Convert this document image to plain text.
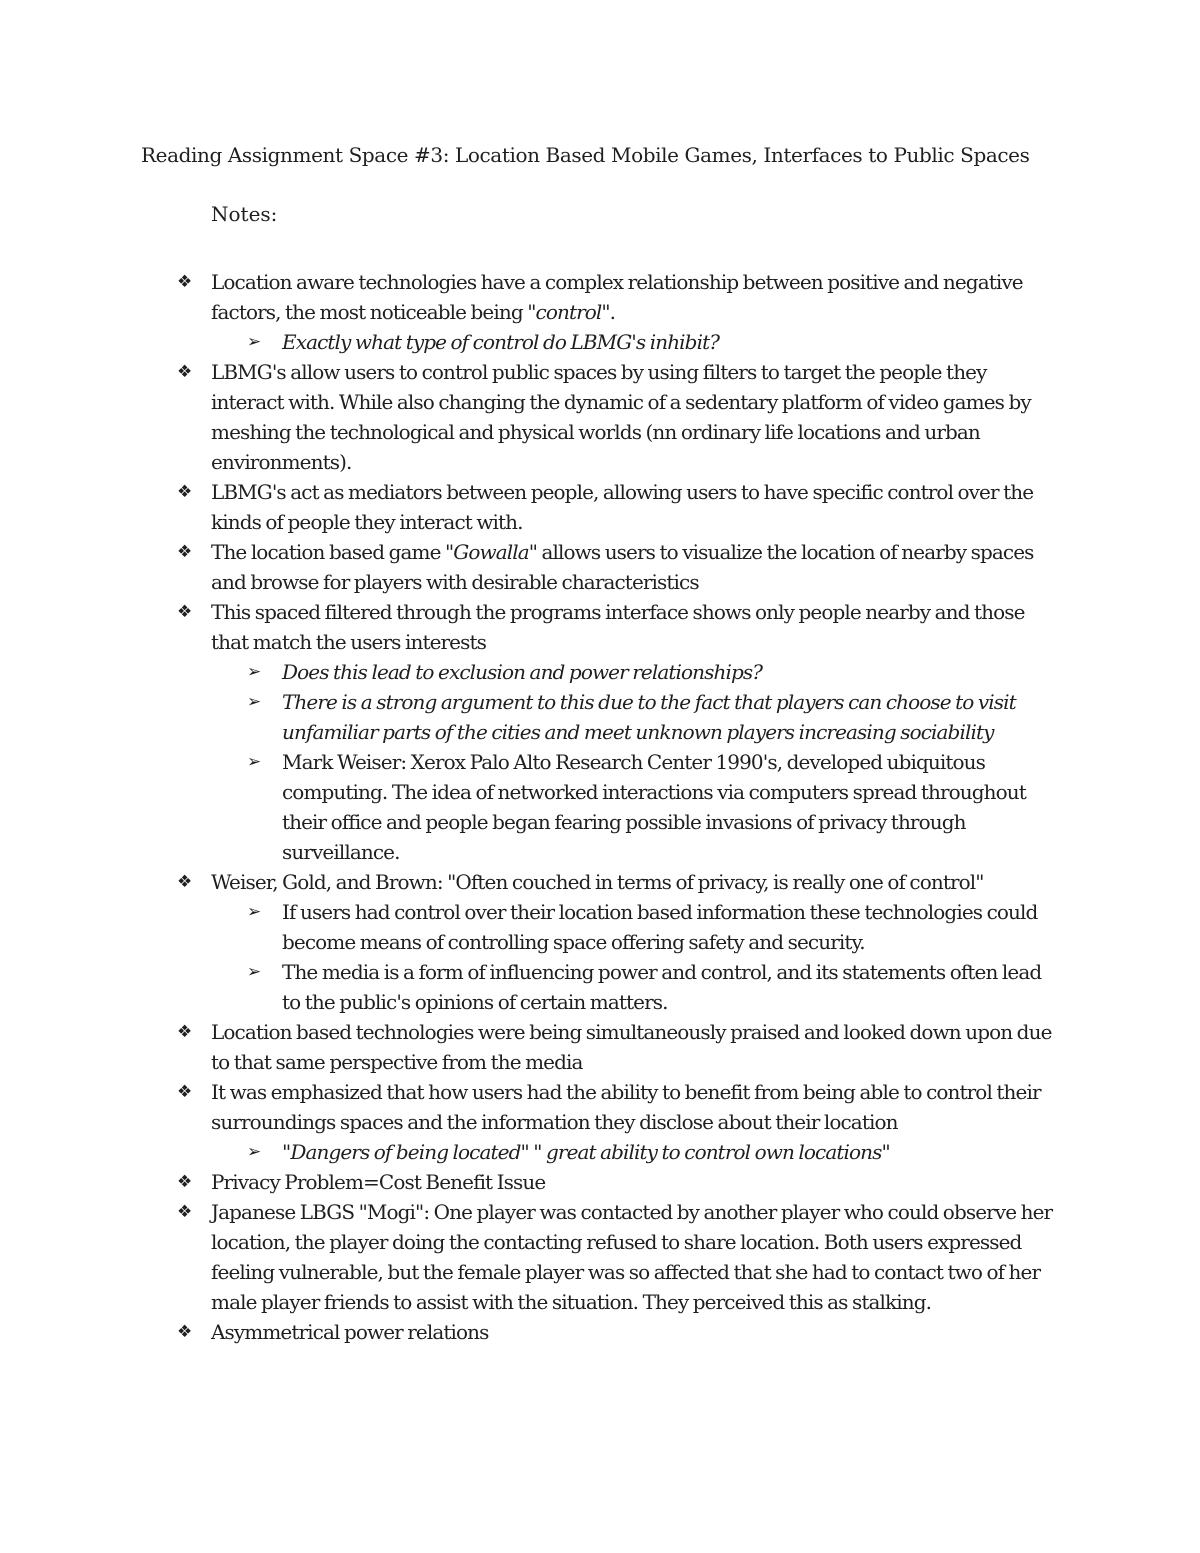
Reading Assignment Space #3: Location Based Mobile Games, Interfaces to Public Spaces
Notes:
❖ Location aware technologies have a complex relationship between positive and negative factors, the most noticeable being "control".
➢ Exactly what type of control do LBMG's inhibit?
❖ LBMG's allow users to control public spaces by using filters to target the people they interact with. While also changing the dynamic of a sedentary platform of video games by meshing the technological and physical worlds (nn ordinary life locations and urban environments).
❖ LBMG's act as mediators between people, allowing users to have specific control over the kinds of people they interact with.
❖ The location based game "Gowalla" allows users to visualize the location of nearby spaces and browse for players with desirable characteristics
❖ This spaced filtered through the programs interface shows only people nearby and those that match the users interests
➢ Does this lead to exclusion and power relationships?
➢ There is a strong argument to this due to the fact that players can choose to visit unfamiliar parts of the cities and meet unknown players increasing sociability
➢ Mark Weiser: Xerox Palo Alto Research Center 1990's, developed ubiquitous computing. The idea of networked interactions via computers spread throughout their office and people began fearing possible invasions of privacy through surveillance.
❖ Weiser, Gold, and Brown: "Often couched in terms of privacy, is really one of control"
➢ If users had control over their location based information these technologies could become means of controlling space offering safety and security.
➢ The media is a form of influencing power and control, and its statements often lead to the public's opinions of certain matters.
❖ Location based technologies were being simultaneously praised and looked down upon due to that same perspective from the media
❖ It was emphasized that how users had the ability to benefit from being able to control their surroundings spaces and the information they disclose about their location
➢ "Dangers of being located" " great ability to control own locations"
❖ Privacy Problem=Cost Benefit Issue
❖ Japanese LBGS "Mogi": One player was contacted by another player who could observe her location, the player doing the contacting refused to share location. Both users expressed feeling vulnerable, but the female player was so affected that she had to contact two of her male player friends to assist with the situation. They perceived this as stalking.
❖ Asymmetrical power relations
